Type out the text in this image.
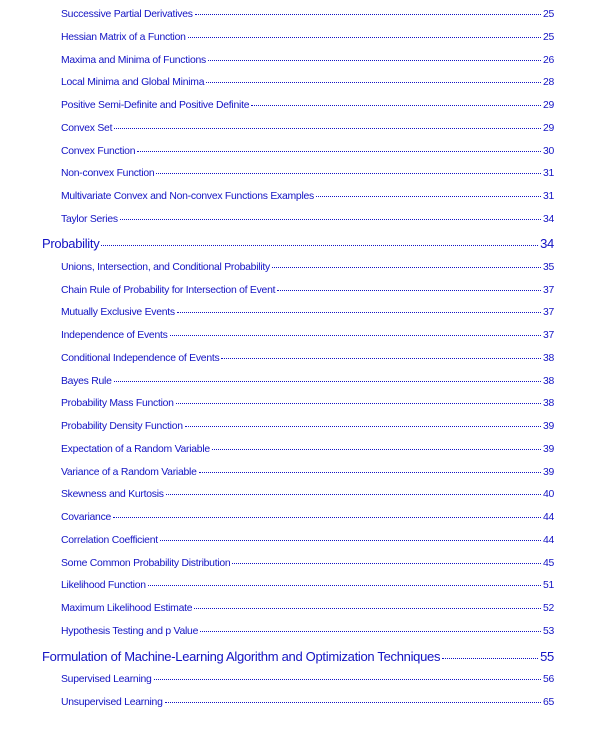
Successive Partial Derivatives	25
Hessian Matrix of a Function	25
Maxima and Minima of Functions	26
Local Minima and Global Minima	28
Positive Semi-Definite and Positive Definite	29
Convex Set	29
Convex Function	30
Non-convex Function	31
Multivariate Convex and Non-convex Functions Examples	31
Taylor Series	34
Probability	34
Unions, Intersection, and Conditional Probability	35
Chain Rule of Probability for Intersection of Event	37
Mutually Exclusive Events	37
Independence of Events	37
Conditional Independence of Events	38
Bayes Rule	38
Probability Mass Function	38
Probability Density Function	39
Expectation of a Random Variable	39
Variance of a Random Variable	39
Skewness and Kurtosis	40
Covariance	44
Correlation Coefficient	44
Some Common Probability Distribution	45
Likelihood Function	51
Maximum Likelihood Estimate	52
Hypothesis Testing and p Value	53
Formulation of Machine-Learning Algorithm and Optimization Techniques	55
Supervised Learning	56
Unsupervised Learning	65
